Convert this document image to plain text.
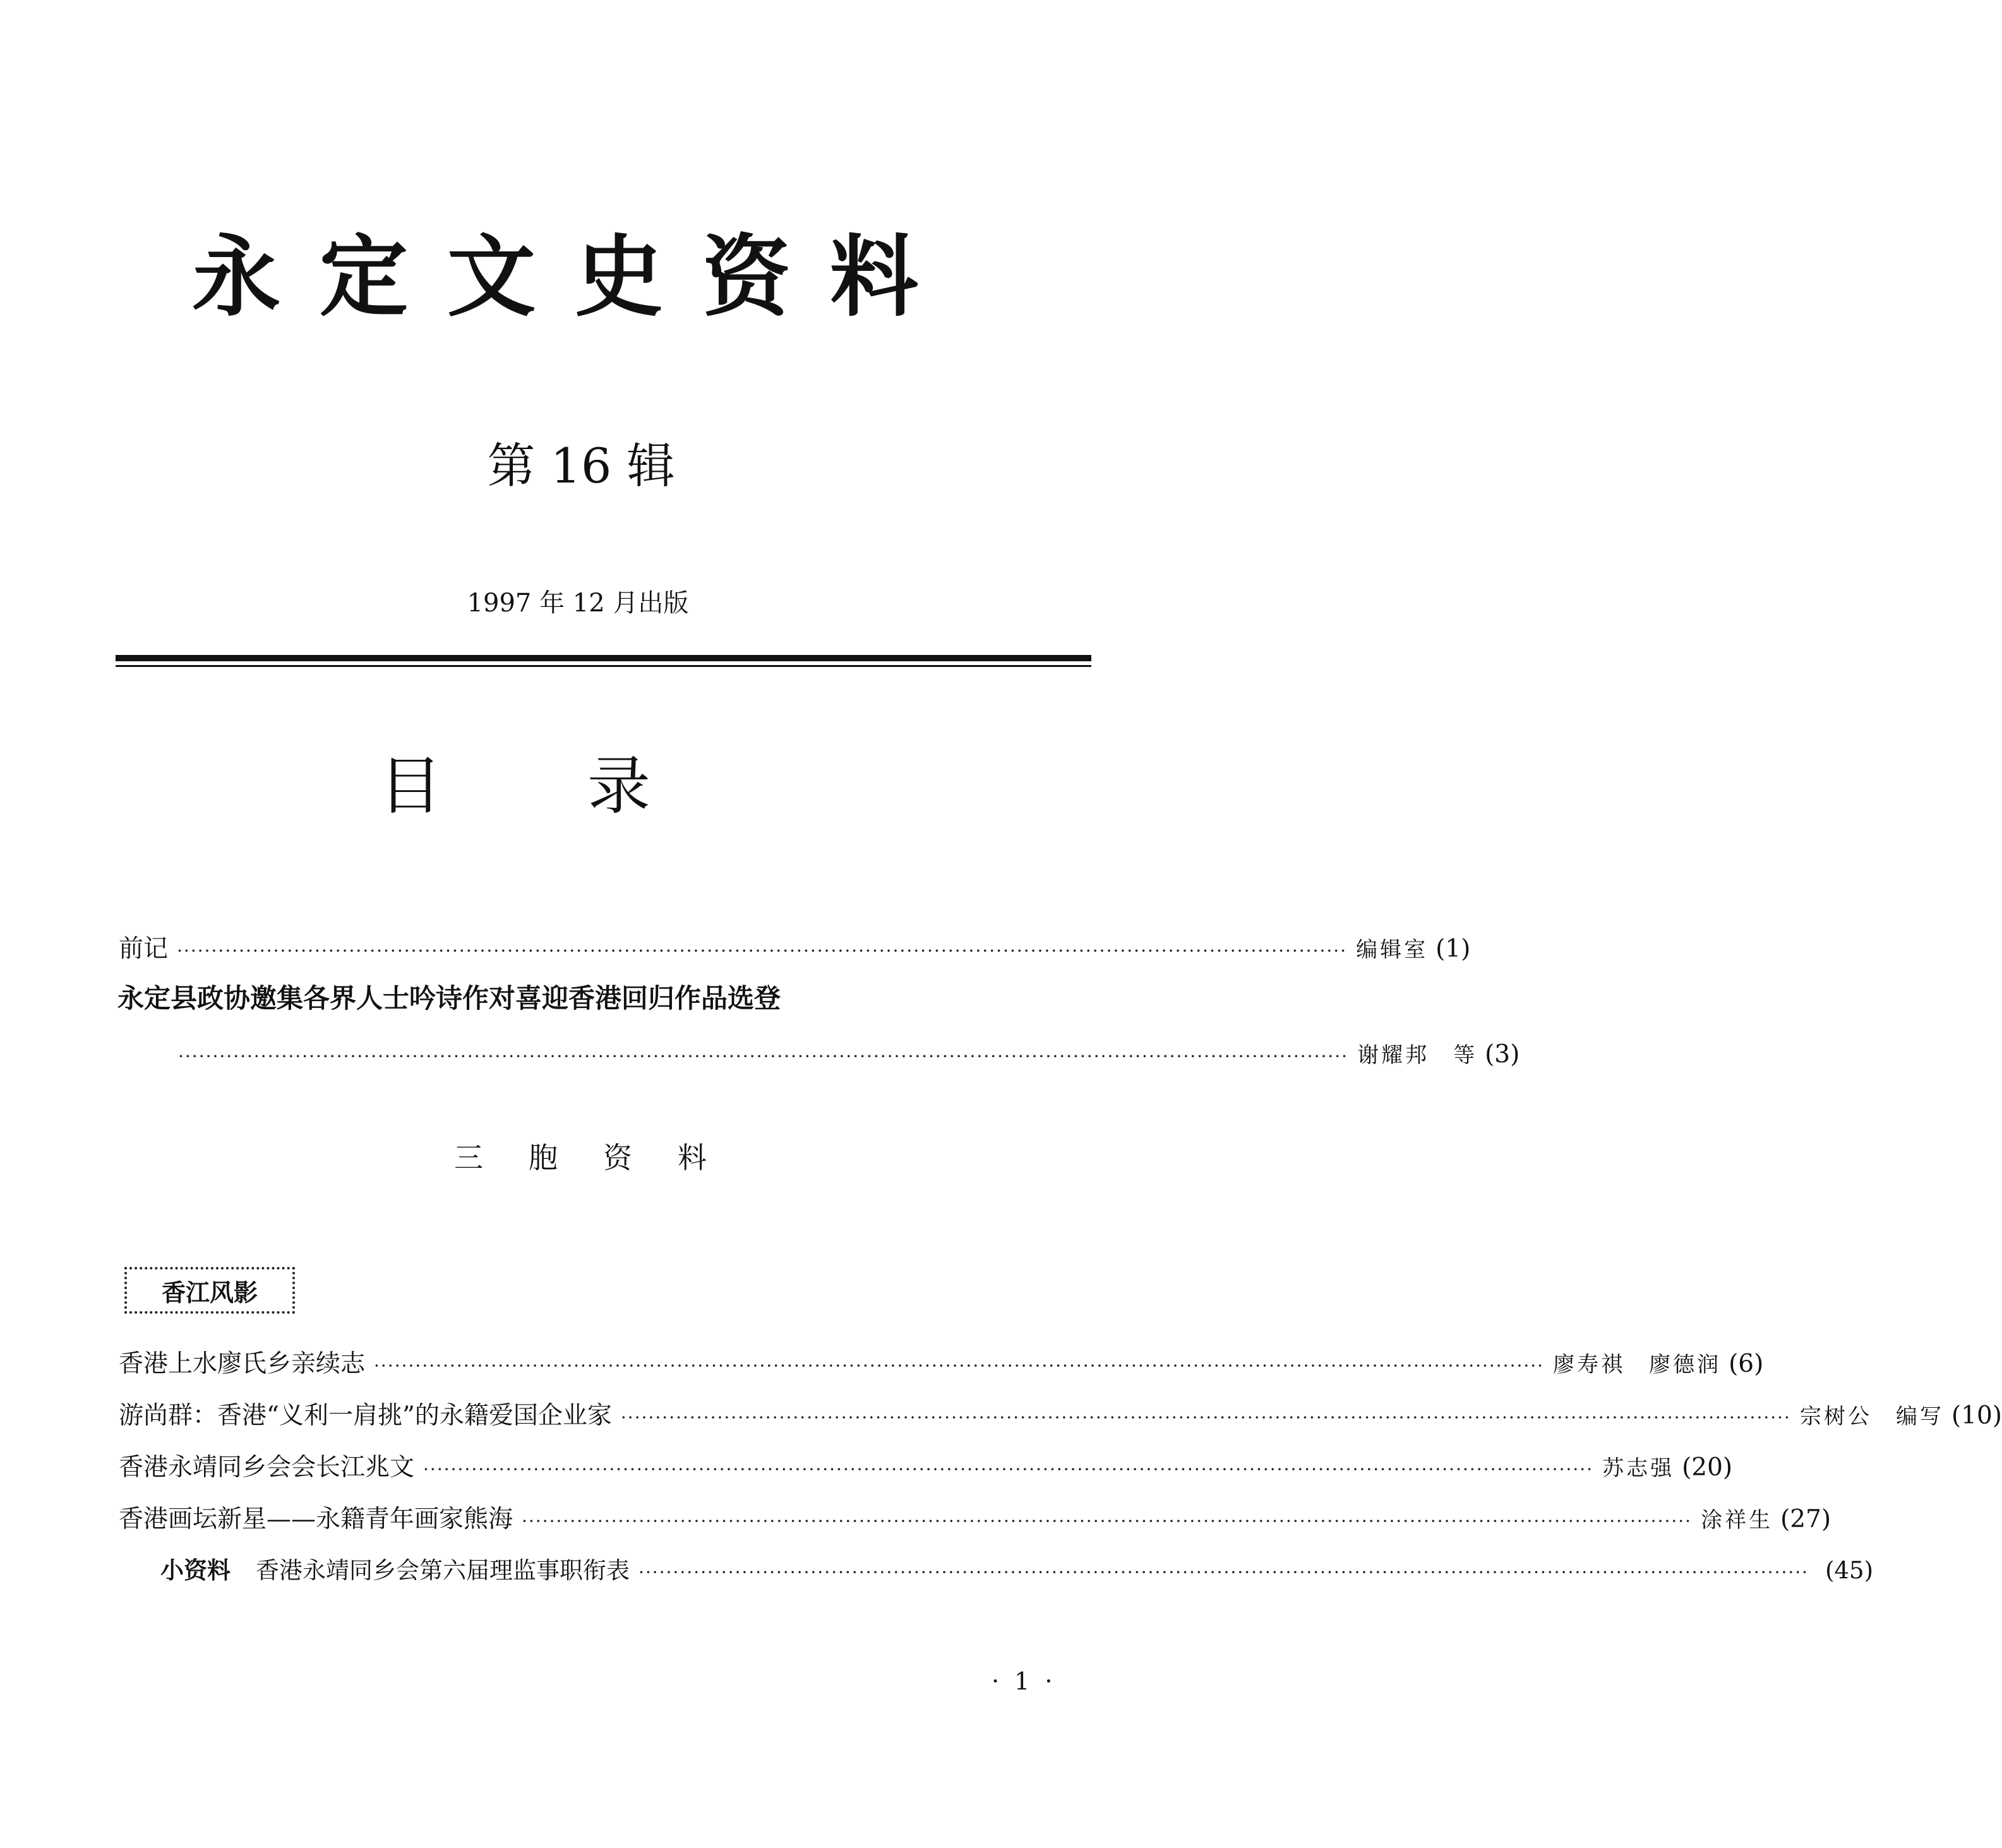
永定文史资料
第 16 辑
1997 年 12 月出版
目录
前记 ·········································································································································································· 编辑室 (1)
永定县政协邀集各界人士吟诗作对喜迎香港回归作品选登
·········································································································································································· 谢耀邦　等 (3)
三胞资料
香江风影
香港上水廖氏乡亲续志 ·········································································································································································· 廖寿祺　廖德润 (6)
游尚群：香港“义利一肩挑”的永籍爱国企业家 ·········································································································································································· 宗树公　编写 (10)
香港永靖同乡会会长江兆文 ·········································································································································································· 苏志强 (20)
香港画坛新星——永籍青年画家熊海 ·········································································································································································· 涂祥生 (27)
小资料 香港永靖同乡会第六届理监事职衔表 ·········································································································································································· (45)
· 1 ·
